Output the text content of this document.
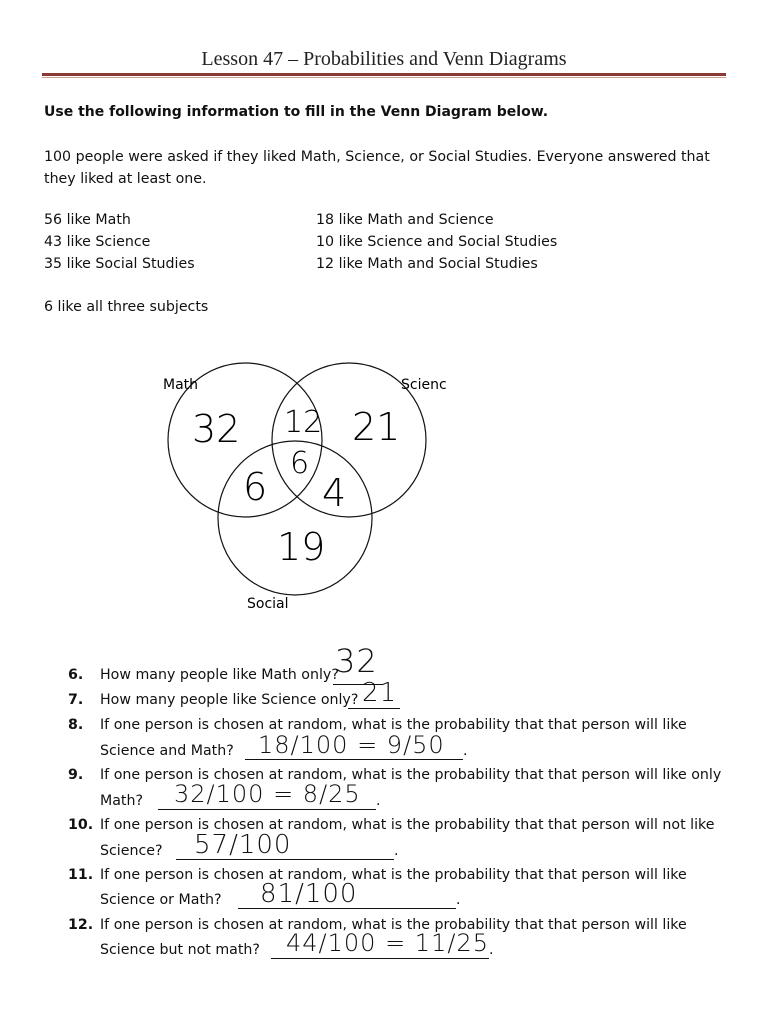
Lesson 47 – Probabilities and Venn Diagrams
Use the following information to fill in the Venn Diagram below.
100 people were asked if they liked Math, Science, or Social Studies. Everyone answered that they liked at least one.
56 like Math
43 like Science
35 like Social Studies
18 like Math and Science
10 like Science and Social Studies
12 like Math and Social Studies
6 like all three subjects
Math	Scienc
Social
32 12 21
6
6 4
19
6. How many people like Math only?
32
7. How many people like Science only? 21
8. If one person is chosen at random, what is the probability that that person will like
Science and Math?	.
18/100 = 9/50
9. If one person is chosen at random, what is the probability that that person will like only
Math?	.
32/100 = 8/25
10. If one person is chosen at random, what is the probability that that person will not like
Science?	.
57/100
11. If one person is chosen at random, what is the probability that that person will like
Science or Math?	.
81/100
12. If one person is chosen at random, what is the probability that that person will like
Science but not math?	.
44/100 = 11/25
